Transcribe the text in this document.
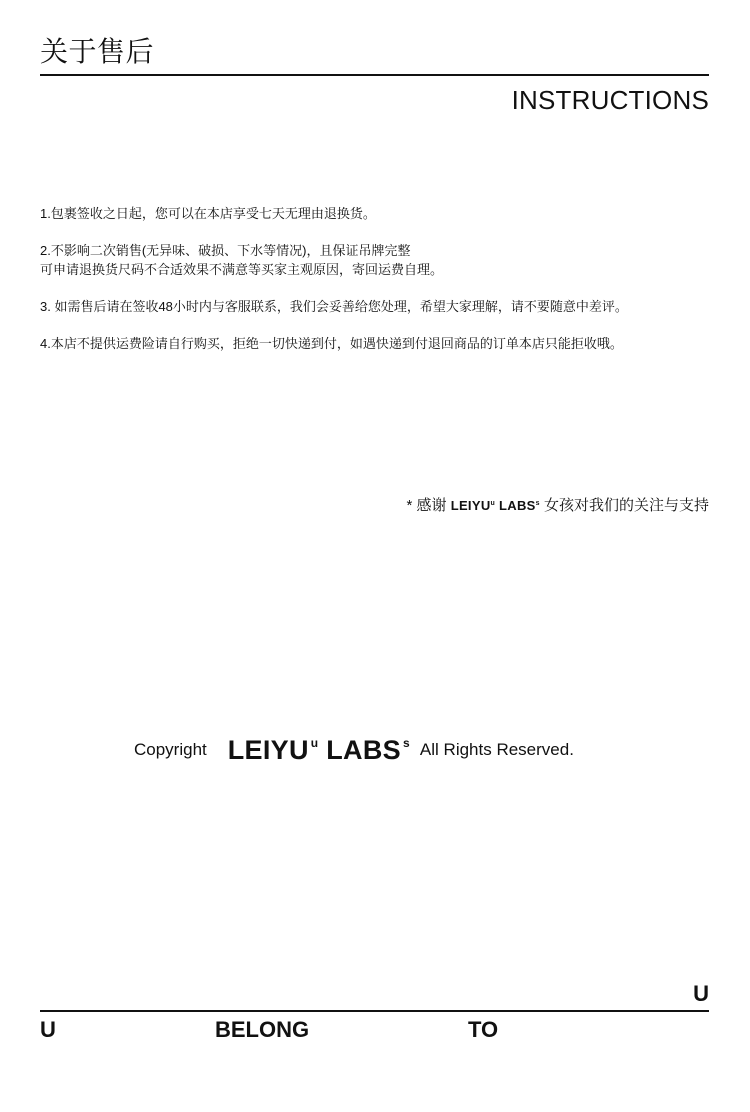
关于售后
INSTRUCTIONS
1.包裹签收之日起，您可以在本店享受七天无理由退换货。
2.不影响二次销售(无异味、破损、下水等情况)，且保证吊牌完整
可申请退换货尺码不合适效果不满意等买家主观原因，寄回运费自理。
3. 如需售后请在签收48小时内与客服联系，我们会妥善给您处理，希望大家理解，请不要随意中差评。
4.本店不提供运费险请自行购买，拒绝一切快递到付，如遇快递到付退回商品的订单本店只能拒收哦。
* 感谢 LEIYU$^u$ LABS$^s$ 女孩对我们的关注与支持
Copyright LEIYU $^u$ LABS $^s$ All Rights Reserved.
U
U	BELONG	TO
